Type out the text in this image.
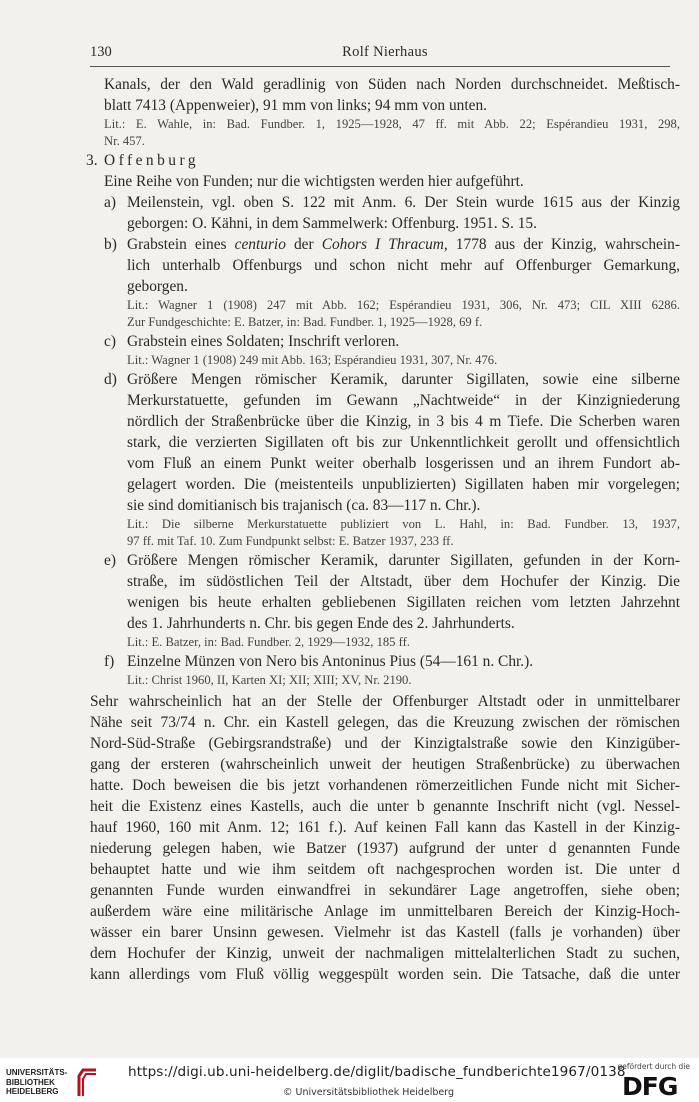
130	Rolf Nierhaus
Kanals, der den Wald geradlinig von Süden nach Norden durchschneidet. Meßtisch-
blatt 7413 (Appenweier), 91 mm von links; 94 mm von unten.
Lit.: E. Wahle, in: Bad. Fundber. 1, 1925—1928, 47 ff. mit Abb. 22; Espérandieu 1931, 298,
Nr. 457.
3. Offenburg
Eine Reihe von Funden; nur die wichtigsten werden hier aufgeführt.
a) Meilenstein, vgl. oben S. 122 mit Anm. 6. Der Stein wurde 1615 aus der Kinzig
geborgen: O. Kähni, in dem Sammelwerk: Offenburg. 1951. S. 15.
b) Grabstein eines centurio der Cohors I Thracum, 1778 aus der Kinzig, wahrschein-
lich unterhalb Offenburgs und schon nicht mehr auf Offenburger Gemarkung,
geborgen.
Lit.: Wagner 1 (1908) 247 mit Abb. 162; Espérandieu 1931, 306, Nr. 473; CIL XIII 6286.
Zur Fundgeschichte: E. Batzer, in: Bad. Fundber. 1, 1925—1928, 69 f.
c) Grabstein eines Soldaten; Inschrift verloren.
Lit.: Wagner 1 (1908) 249 mit Abb. 163; Espérandieu 1931, 307, Nr. 476.
d) Größere Mengen römischer Keramik, darunter Sigillaten, sowie eine silberne
Merkurstatuette, gefunden im Gewann „Nachtweide“ in der Kinzigniederung
nördlich der Straßenbrücke über die Kinzig, in 3 bis 4 m Tiefe. Die Scherben waren
stark, die verzierten Sigillaten oft bis zur Unkenntlichkeit gerollt und offensichtlich
vom Fluß an einem Punkt weiter oberhalb losgerissen und an ihrem Fundort ab-
gelagert worden. Die (meistenteils unpublizierten) Sigillaten haben mir vorgelegen;
sie sind domitianisch bis trajanisch (ca. 83—117 n. Chr.).
Lit.: Die silberne Merkurstatuette publiziert von L. Hahl, in: Bad. Fundber. 13, 1937,
97 ff. mit Taf. 10. Zum Fundpunkt selbst: E. Batzer 1937, 233 ff.
e) Größere Mengen römischer Keramik, darunter Sigillaten, gefunden in der Korn-
straße, im südöstlichen Teil der Altstadt, über dem Hochufer der Kinzig. Die
wenigen bis heute erhalten gebliebenen Sigillaten reichen vom letzten Jahrzehnt
des 1. Jahrhunderts n. Chr. bis gegen Ende des 2. Jahrhunderts.
Lit.: E. Batzer, in: Bad. Fundber. 2, 1929—1932, 185 ff.
f) Einzelne Münzen von Nero bis Antoninus Pius (54—161 n. Chr.).
Lit.: Christ 1960, II, Karten XI; XII; XIII; XV, Nr. 2190.
Sehr wahrscheinlich hat an der Stelle der Offenburger Altstadt oder in unmittelbarer
Nähe seit 73/74 n. Chr. ein Kastell gelegen, das die Kreuzung zwischen der römischen
Nord-Süd-Straße (Gebirgsrandstraße) und der Kinzigtalstraße sowie den Kinzigüber-
gang der ersteren (wahrscheinlich unweit der heutigen Straßenbrücke) zu überwachen
hatte. Doch beweisen die bis jetzt vorhandenen römerzeitlichen Funde nicht mit Sicher-
heit die Existenz eines Kastells, auch die unter b genannte Inschrift nicht (vgl. Nessel-
hauf 1960, 160 mit Anm. 12; 161 f.). Auf keinen Fall kann das Kastell in der Kinzig-
niederung gelegen haben, wie Batzer (1937) aufgrund der unter d genannten Funde
behauptet hatte und wie ihm seitdem oft nachgesprochen worden ist. Die unter d
genannten Funde wurden einwandfrei in sekundärer Lage angetroffen, siehe oben;
außerdem wäre eine militärische Anlage im unmittelbaren Bereich der Kinzig-Hoch-
wässer ein barer Unsinn gewesen. Vielmehr ist das Kastell (falls je vorhanden) über
dem Hochufer der Kinzig, unweit der nachmaligen mittelalterlichen Stadt zu suchen,
kann allerdings vom Fluß völlig weggespült worden sein. Die Tatsache, daß die unter
UNIVERSITÄTS-
BIBLIOTHEK
HEIDELBERG
https://digi.ub.uni-heidelberg.de/diglit/badische_fundberichte1967/0138
© Universitätsbibliothek Heidelberg
gefördert durch die
DFG
